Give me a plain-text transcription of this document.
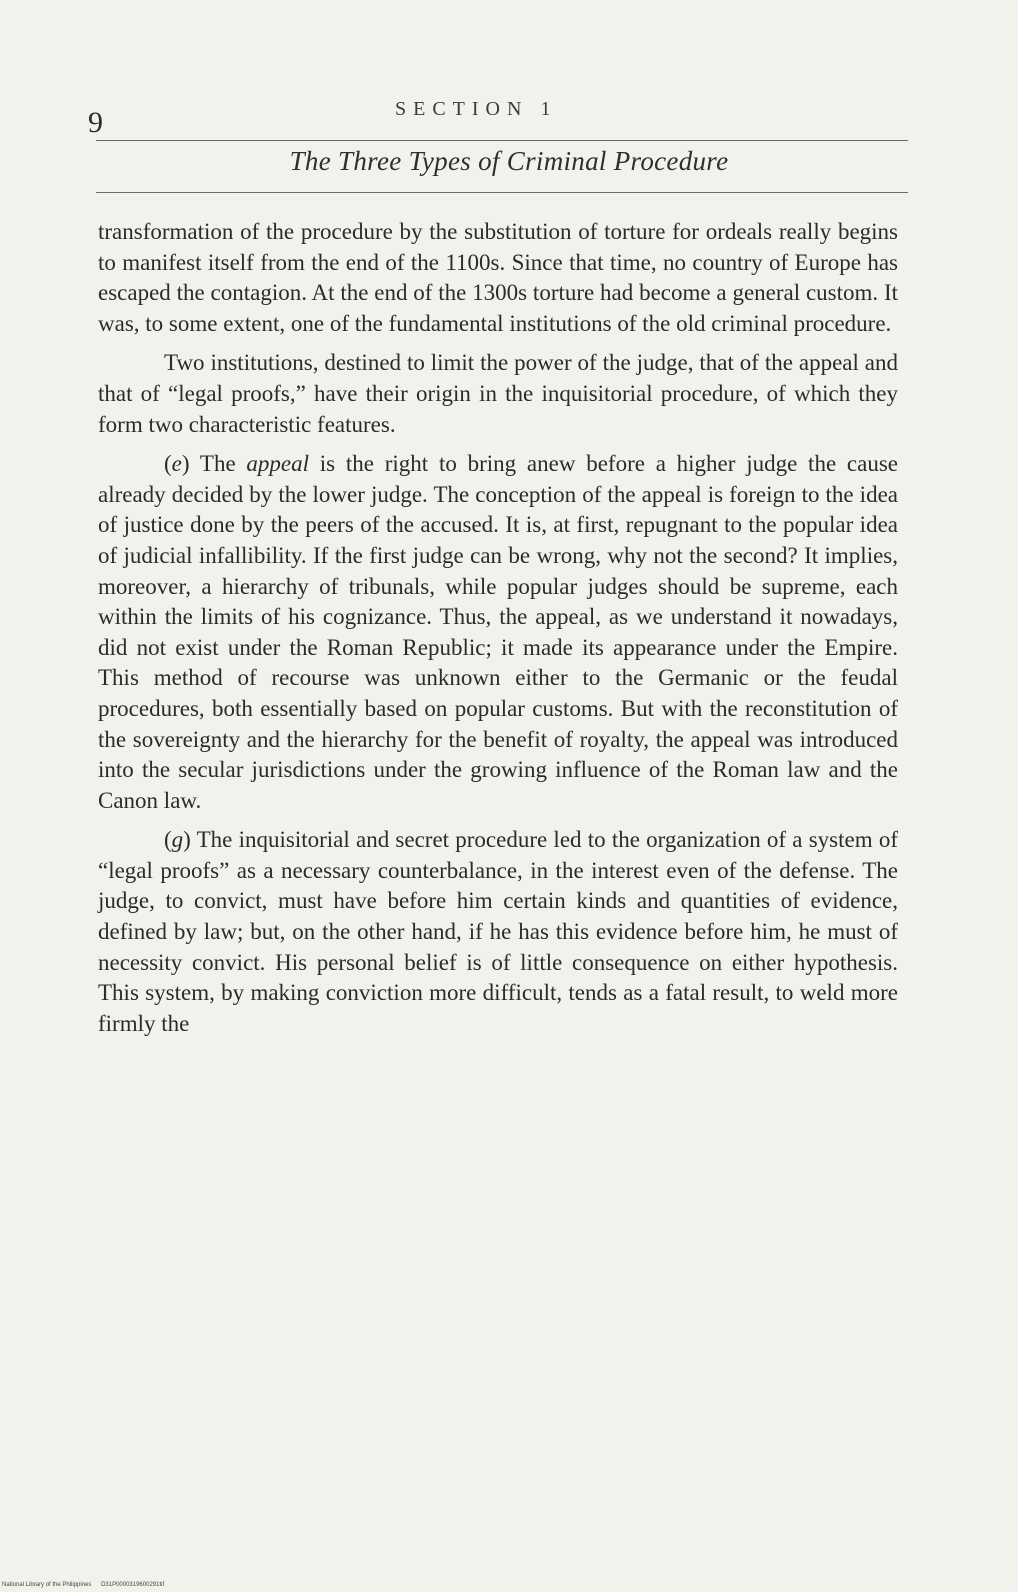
9	SECTION 1
The Three Types of Criminal Procedure

transformation of the procedure by the substitution of torture for ordeals really begins to manifest itself from the end of the 1100s. Since that time, no country of Europe has escaped the contagion. At the end of the 1300s torture had become a general custom. It was, to some extent, one of the fundamental institutions of the old criminal procedure.

Two institutions, destined to limit the power of the judge, that of the appeal and that of “legal proofs,” have their origin in the inquisitorial procedure, of which they form two characteristic features.

(e) The appeal is the right to bring anew before a higher judge the cause already decided by the lower judge. The conception of the appeal is foreign to the idea of justice done by the peers of the accused. It is, at first, repugnant to the popular idea of judicial infallibility. If the first judge can be wrong, why not the second? It implies, moreover, a hierarchy of tribunals, while popular judges should be supreme, each within the limits of his cognizance. Thus, the appeal, as we understand it nowadays, did not exist under the Roman Republic; it made its appearance under the Empire. This method of recourse was unknown either to the Germanic or the feudal procedures, both essentially based on popular customs. But with the reconstitution of the sovereignty and the hierarchy for the benefit of royalty, the appeal was introduced into the secular jurisdictions under the growing influence of the Roman law and the Canon law.

(g) The inquisitorial and secret procedure led to the organization of a system of “legal proofs” as a necessary counterbalance, in the interest even of the defense. The judge, to convict, must have before him certain kinds and quantities of evidence, defined by law; but, on the other hand, if he has this evidence before him, he must of necessity convict. His personal belief is of little consequence on either hypothesis. This system, by making conviction more difficult, tends as a fatal result, to weld more firmly the

National Library of the Philippines D31P0000319600291tif
